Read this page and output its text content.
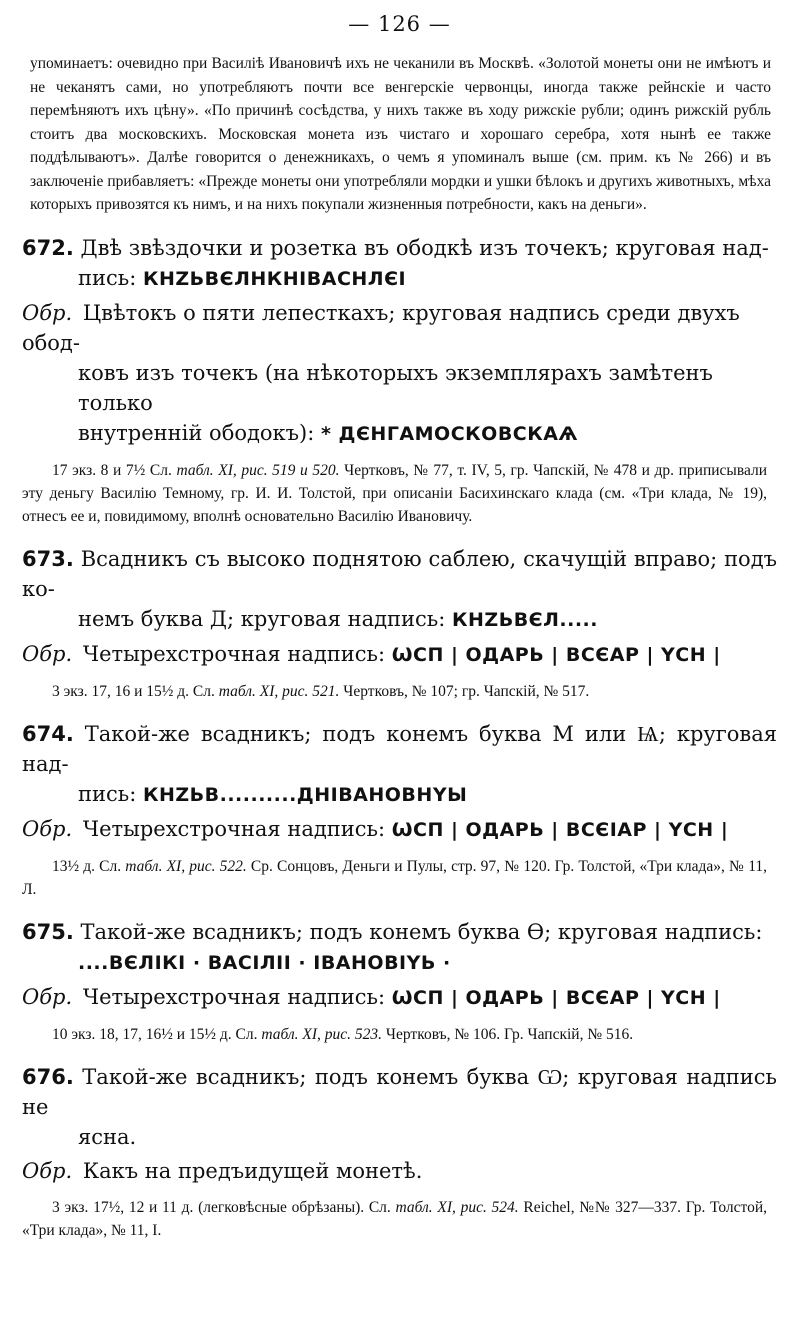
— 126 —
упоминаетъ: очевидно при Василіѣ Ивановичѣ ихъ не чеканили въ Москвѣ. «Золотой монеты они не имѣютъ и не чеканятъ сами, но употребляютъ почти все венгерскіе червонцы, иногда также рейнскіе и часто перемѣняютъ ихъ цѣну». «По причинѣ сосѣдства, у нихъ также въ ходу рижскіе рубли; одинъ рижскій рубль стоитъ два московскихъ. Московская монета изъ чистаго и хорошаго серебра, хотя нынѣ ее также поддѣлываютъ». Далѣе говорится о денежникахъ, о чемъ я упоминалъ выше (см. прим. къ № 266) и въ заключеніе прибавляетъ: «Прежде монеты они употребляли мордки и ушки бѣлокъ и другихъ животныхъ, мѣха которыхъ привозятся къ нимъ, и на нихъ покупали жизненныя потребности, какъ на деньги».
672. Двѣ звѣздочки и розетка въ ободкѣ изъ точекъ; круговая над-
пись: КНZЬВЄЛНКНІВАСНЛЄІ
Обр. Цвѣтокъ о пяти лепесткахъ; круговая надпись среди двухъ обод-
ковъ изъ точекъ (на нѣкоторыхъ экземплярахъ замѣтенъ только
внутренній ободокъ): * ДЄНГАМОСКОВСКАѦ
17 экз. 8 и 7½ Сл. табл. XI, рис. 519 и 520. Чертковъ, № 77, т. IV, 5, гр. Чапскій, № 478 и др. приписывали эту деньгу Василію Темному, гр. И. И. Толстой, при описаніи Басихинскаго клада (см. «Три клада, № 19), отнесъ ее и, повидимому, вполнѣ основательно Василію Ивановичу.
673. Всадникъ съ высоко поднятою саблею, скачущій вправо; подъ ко-
немъ буква Д; круговая надпись: КНZЬВЄЛ.....
Обр. Четырехстрочная надпись: ѠСП | ОДАРЬ | ВСЄАР | ҮСН |
3 экз. 17, 16 и 15½ д. Сл. табл. XI, рис. 521. Чертковъ, № 107; гр. Чапскій, № 517.
674. Такой-же всадникъ; подъ конемъ буква М или Ѩ; круговая над-
пись: КНZЬВ..........ДНІВАНОВНҮЫ
Обр. Четырехстрочная надпись: ѠСП | ОДАРЬ | ВСЄІАР | ҮСН |
13½ д. Сл. табл. XI, рис. 522. Ср. Сонцовъ, Деньги и Пулы, стр. 97, № 120. Гр. Толстой, «Три клада», № 11, Л.
675. Такой-же всадникъ; подъ конемъ буква Ѳ; круговая надпись:
....ВЄЛІКІ · ВАСІЛІІ · ІВАНОВІҮЬ ·
Обр. Четырехстрочная надпись: ѠСП | ОДАРЬ | ВСЄАР | ҮСН |
10 экз. 18, 17, 16½ и 15½ д. Сл. табл. XI, рис. 523. Чертковъ, № 106. Гр. Чапскій, № 516.
676. Такой-же всадникъ; подъ конемъ буква Ѡ; круговая надпись не
ясна.
Обр. Какъ на предъидущей монетѣ.
3 экз. 17½, 12 и 11 д. (легковѣсные обрѣзаны). Сл. табл. XI, рис. 524. Reichel, №№ 327—337. Гр. Толстой, «Три клада», № 11, I.
